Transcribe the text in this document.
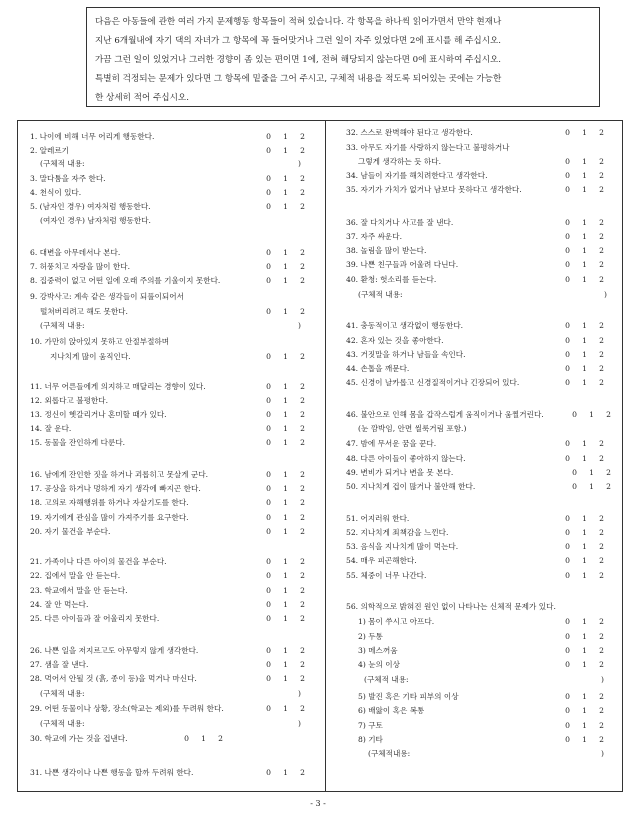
다음은 아동들에 관한 여러 가지 문제행동 항목들이 적혀 있습니다. 각 항목을 하나씩 읽어가면서 만약 현재나
지난 6개월내에 자기 댁의 자녀가 그 항목에 꼭 들어맞거나 그런 일이 자주 있었다면 2에 표시를 해 주십시오.
가끔 그런 일이 있었거나 그러한 경향이 좀 있는 편이면 1에, 전혀 해당되지 않는다면 0에 표시하여 주십시오.
특별히 걱정되는 문제가 있다면 그 항목에 밑줄을 그어 주시고, 구체적 내용을 적도록 되어있는 곳에는 가능한
한 상세히 적어 주십시오.
1. 나이에 비해 너무 어리게 행동한다.	0 1 2
2. 알레르기	0 1 2
(구체적 내용:	)
3. 말다툼을 자주 한다.	0 1 2
4. 천식이 있다.	0 1 2
5. (남자인 경우) 여자처럼 행동한다.	0 1 2
(여자인 경우) 남자처럼 행동한다.
6. 대변을 아무데서나 본다.	0 1 2
7. 허풍치고 자랑을 많이 한다.	0 1 2
8. 집중력이 없고 어떤 일에 오래 주의를 기울이지 못한다.	0 1 2
9. 강박사고: 계속 같은 생각들이 되풀이되어서
떨쳐버리려고 해도 못한다.	0 1 2
(구체적 내용:	)
10. 가만히 앉아있지 못하고 안절부절하며
지나치게 많이 움직인다.	0 1 2
11. 너무 어른들에게 의지하고 매달리는 경향이 있다.	0 1 2
12. 외롭다고 불평한다.	0 1 2
13. 정신이 헷갈리거나 혼미할 때가 있다.	0 1 2
14. 잘 운다.	0 1 2
15. 동물을 잔인하게 다룬다.	0 1 2
16. 남에게 잔인한 짓을 하거나 괴롭히고 못살게 군다.	0 1 2
17. 공상을 하거나 멍하게 자기 생각에 빠지곤 한다.	0 1 2
18. 고의로 자해행위를 하거나 자살기도를 한다.	0 1 2
19. 자기에게 관심을 많이 가져주기를 요구한다.	0 1 2
20. 자기 물건을 부순다.	0 1 2
21. 가족이나 다른 아이의 물건을 부순다.	0 1 2
22. 집에서 말을 안 듣는다.	0 1 2
23. 학교에서 말을 안 듣는다.	0 1 2
24. 잘 안 먹는다.	0 1 2
25. 다른 아이들과 잘 어울리지 못한다.	0 1 2
26. 나쁜 일을 저지르고도 아무렇지 않게 생각한다.	0 1 2
27. 샘을 잘 낸다.	0 1 2
28. 먹어서 안될 것 (흙, 종이 등)을 먹거나 마신다.	0 1 2
(구체적 내용:	)
29. 어떤 동물이나 상황, 장소(학교는 제외)를 두려워 한다.	0 1 2
(구체적 내용:	)
30. 학교에 가는 것을 겁낸다.	0 1 2
31. 나쁜 생각이나 나쁜 행동을 할까 두려워 한다.	0 1 2
32. 스스로 완벽해야 된다고 생각한다.	0 1 2
33. 아무도 자기를 사랑하지 않는다고 불평하거나
그렇게 생각하는 듯 하다.	0 1 2
34. 남들이 자기를 해치려한다고 생각한다.	0 1 2
35. 자기가 가치가 없거나 남보다 못하다고 생각한다.	0 1 2
36. 잘 다치거나 사고를 잘 낸다.	0 1 2
37. 자주 싸운다.	0 1 2
38. 놀림을 많이 받는다.	0 1 2
39. 나쁜 친구들과 어울려 다닌다.	0 1 2
40. 환청: 헛소리를 듣는다.	0 1 2
(구체적 내용:	)
41. 충동적이고 생각없이 행동한다.	0 1 2
42. 혼자 있는 것을 좋아한다.	0 1 2
43. 거짓말을 하거나 남들을 속인다.	0 1 2
44. 손톱을 깨문다.	0 1 2
45. 신경이 날카롭고 신경질적이거나 긴장되어 있다.	0 1 2
46. 불안으로 인해 몸을 갑작스럽게 움직이거나 움찔거린다.	0 1 2
(눈 깜박임, 안면 씰룩거림 포함.)
47. 밤에 무서운 꿈을 꾼다.	0 1 2
48. 다른 아이들이 좋아하지 않는다.	0 1 2
49. 변비가 되거나 변을 못 본다.	0 1 2
50. 지나치게 겁이 많거나 불안해 한다.	0 1 2
51. 어지러워 한다.	0 1 2
52. 지나치게 죄책감을 느낀다.	0 1 2
53. 음식을 지나치게 많이 먹는다.	0 1 2
54. 매우 피곤해한다.	0 1 2
55. 체중이 너무 나간다.	0 1 2
56. 의학적으로 밝혀진 원인 없이 나타나는 신체적 문제가 있다.
1) 몸이 쑤시고 아프다.	0 1 2
2) 두통	0 1 2
3) 메스꺼움	0 1 2
4) 눈의 이상	0 1 2
(구체적 내용:	)
5) 발진 혹은 기타 피부의 이상	0 1 2
6) 배앓이 혹은 복통	0 1 2
7) 구토	0 1 2
8) 기타	0 1 2
(구체적내용:	)
- 3 -
